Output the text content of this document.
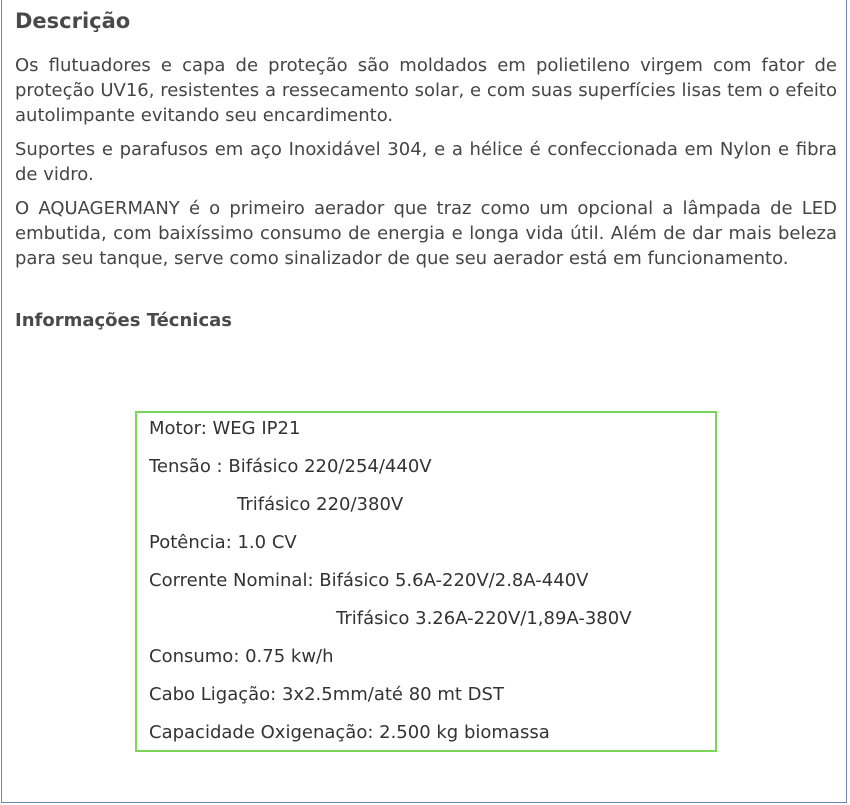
Descrição

Os flutuadores e capa de proteção são moldados em polietileno virgem com fator de proteção UV16, resistentes a ressecamento solar, e com suas superfícies lisas tem o efeito autolimpante evitando seu encardimento.

Suportes e parafusos em aço Inoxidável 304, e a hélice é confeccionada em Nylon e fibra de vidro.

O AQUAGERMANY é o primeiro aerador que traz como um opcional a lâmpada de LED embutida, com baixíssimo consumo de energia e longa vida útil. Além de dar mais beleza para seu tanque, serve como sinalizador de que seu aerador está em funcionamento.

Informações Técnicas
Motor: WEG IP21
Tensão : Bifásico 220/254/440V
Trifásico 220/380V
Potência: 1.0 CV
Corrente Nominal: Bifásico 5.6A-220V/2.8A-440V
Trifásico 3.26A-220V/1,89A-380V
Consumo: 0.75 kw/h
Cabo Ligação: 3x2.5mm/até 80 mt DST
Capacidade Oxigenação: 2.500 kg biomassa
